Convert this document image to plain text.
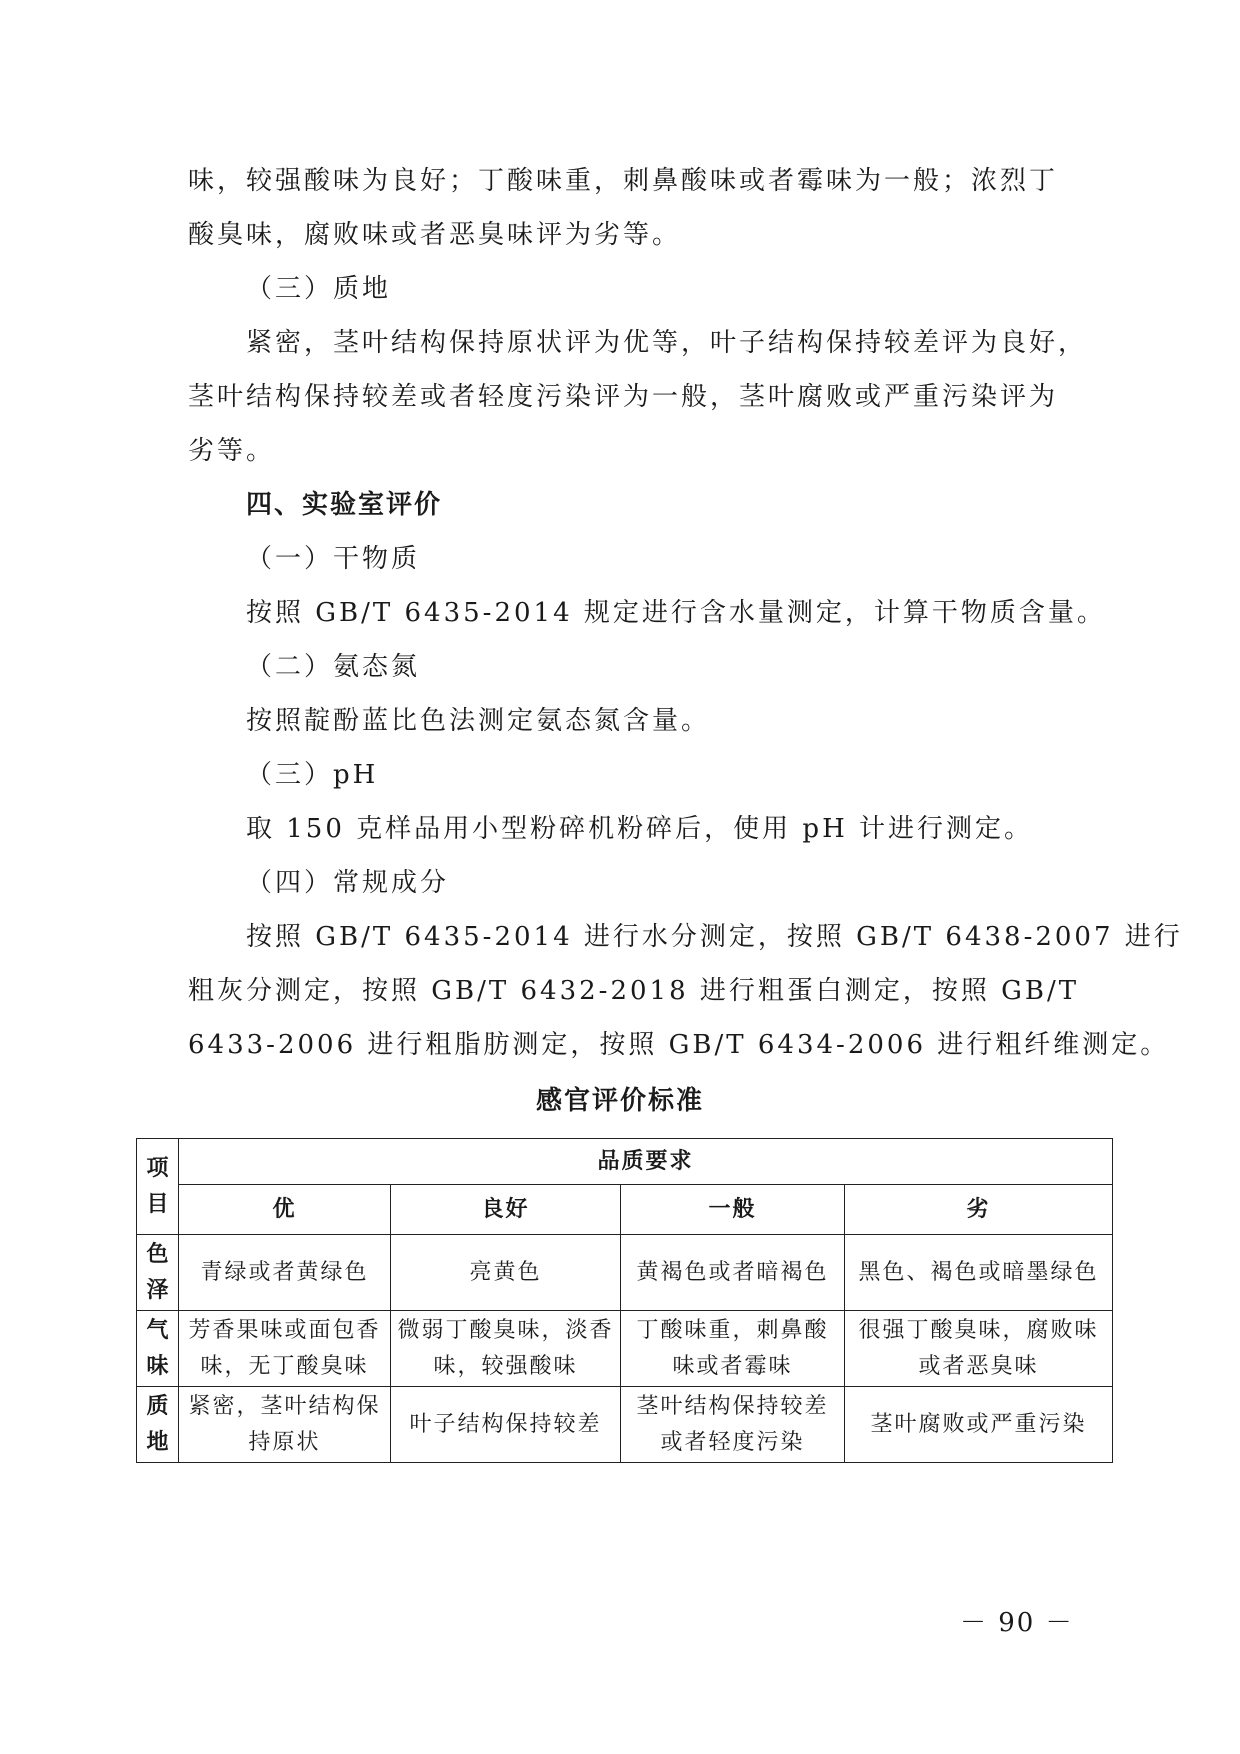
味，较强酸味为良好；丁酸味重，刺鼻酸味或者霉味为一般；浓烈丁

酸臭味，腐败味或者恶臭味评为劣等。

（三）质地

紧密，茎叶结构保持原状评为优等，叶子结构保持较差评为良好，

茎叶结构保持较差或者轻度污染评为一般，茎叶腐败或严重污染评为

劣等。

四、实验室评价

（一）干物质

按照 GB/T 6435-2014 规定进行含水量测定，计算干物质含量。

（二）氨态氮

按照靛酚蓝比色法测定氨态氮含量。

（三）pH

取 150 克样品用小型粉碎机粉碎后，使用 pH 计进行测定。

（四）常规成分

按照 GB/T 6435-2014 进行水分测定，按照 GB/T 6438-2007 进行

粗灰分测定，按照 GB/T 6432-2018 进行粗蛋白测定，按照 GB/T

6433-2006 进行粗脂肪测定，按照 GB/T 6434-2006 进行粗纤维测定。

感官评价标准
项目	品质要求			
	优	良好	一般	劣

色泽	青绿或者黄绿色	亮黄色	黄褐色或者暗褐色	黑色、褐色或暗墨绿色

气味	芳香果味或面包香味，无丁酸臭味	微弱丁酸臭味，淡香味，较强酸味	丁酸味重，刺鼻酸味或者霉味	很强丁酸臭味，腐败味或者恶臭味

质地	紧密，茎叶结构保持原状	叶子结构保持较差	茎叶结构保持较差或者轻度污染	茎叶腐败或严重污染
－ 90 －
